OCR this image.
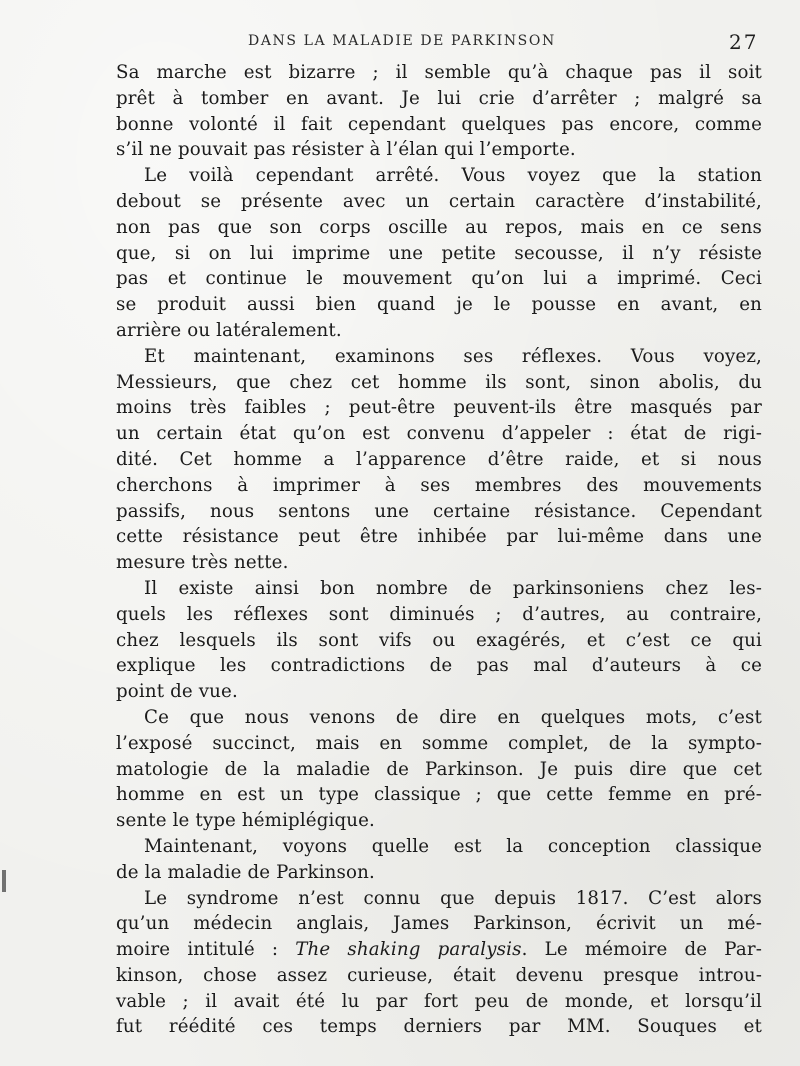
DANS LA MALADIE DE PARKINSON	27
Sa marche est bizarre ; il semble qu’à chaque pas il soit
prêt à tomber en avant. Je lui crie d’arrêter ; malgré sa
bonne volonté il fait cependant quelques pas encore, comme
s’il ne pouvait pas résister à l’élan qui l’emporte.
Le voilà cependant arrêté. Vous voyez que la station
debout se présente avec un certain caractère d’instabilité,
non pas que son corps oscille au repos, mais en ce sens
que, si on lui imprime une petite secousse, il n’y résiste
pas et continue le mouvement qu’on lui a imprimé. Ceci
se produit aussi bien quand je le pousse en avant, en
arrière ou latéralement.
Et maintenant, examinons ses réflexes. Vous voyez,
Messieurs, que chez cet homme ils sont, sinon abolis, du
moins très faibles ; peut-être peuvent-ils être masqués par
un certain état qu’on est convenu d’appeler : état de rigi-
dité. Cet homme a l’apparence d’être raide, et si nous
cherchons à imprimer à ses membres des mouvements
passifs, nous sentons une certaine résistance. Cependant
cette résistance peut être inhibée par lui-même dans une
mesure très nette.
Il existe ainsi bon nombre de parkinsoniens chez les-
quels les réflexes sont diminués ; d’autres, au contraire,
chez lesquels ils sont vifs ou exagérés, et c’est ce qui
explique les contradictions de pas mal d’auteurs à ce
point de vue.
Ce que nous venons de dire en quelques mots, c’est
l’exposé succinct, mais en somme complet, de la sympto-
matologie de la maladie de Parkinson. Je puis dire que cet
homme en est un type classique ; que cette femme en pré-
sente le type hémiplégique.
Maintenant, voyons quelle est la conception classique
de la maladie de Parkinson.
Le syndrome n’est connu que depuis 1817. C’est alors
qu’un médecin anglais, James Parkinson, écrivit un mé-
moire intitulé : The shaking paralysis. Le mémoire de Par-
kinson, chose assez curieuse, était devenu presque introu-
vable ; il avait été lu par fort peu de monde, et lorsqu’il
fut réédité ces temps derniers par MM. Souques et
